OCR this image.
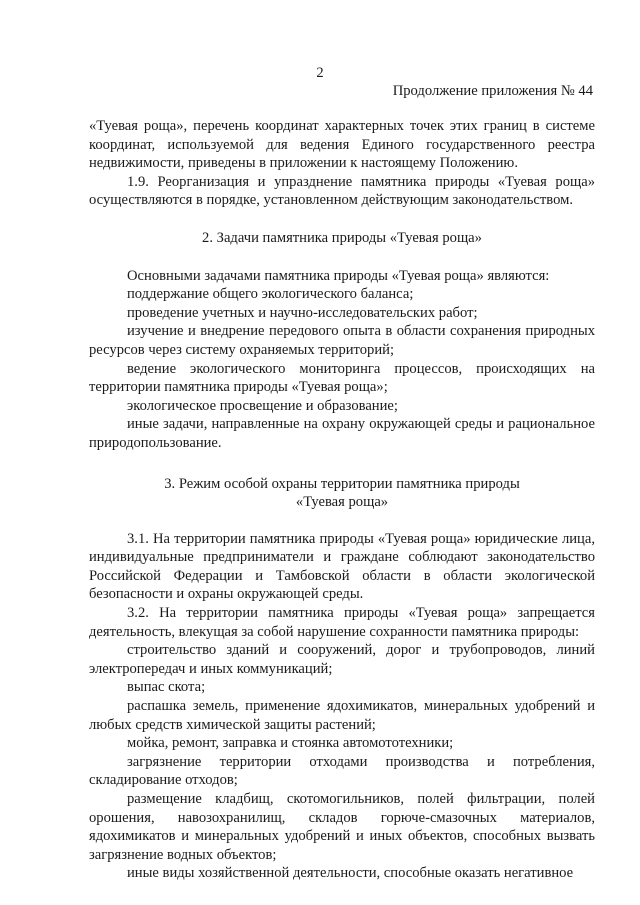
2
Продолжение приложения № 44

«Туевая роща», перечень координат характерных точек этих границ в системе координат, используемой для ведения Единого государственного реестра недвижимости, приведены в приложении к настоящему Положению.

1.9. Реорганизация и упразднение памятника природы «Туевая роща» осуществляются в порядке, установленном действующим законодательством.

2. Задачи памятника природы «Туевая роща»

Основными задачами памятника природы «Туевая роща» являются:

поддержание общего экологического баланса;

проведение учетных и научно-исследовательских работ;

изучение и внедрение передового опыта в области сохранения природных ресурсов через систему охраняемых территорий;

ведение экологического мониторинга процессов, происходящих на территории памятника природы «Туевая роща»;

экологическое просвещение и образование;

иные задачи, направленные на охрану окружающей среды и рациональное природопользование.

3. Режим особой охраны территории памятника природы

«Туевая роща»

3.1. На территории памятника природы «Туевая роща» юридические лица, индивидуальные предприниматели и граждане соблюдают законодательство Российской Федерации и Тамбовской области в области экологической безопасности и охраны окружающей среды.

3.2. На территории памятника природы «Туевая роща» запрещается деятельность, влекущая за собой нарушение сохранности памятника природы:

строительство зданий и сооружений, дорог и трубопроводов, линий электропередач и иных коммуникаций;

выпас скота;

распашка земель, применение ядохимикатов, минеральных удобрений и любых средств химической защиты растений;

мойка, ремонт, заправка и стоянка автомототехники;

загрязнение территории отходами производства и потребления, складирование отходов;

размещение кладбищ, скотомогильников, полей фильтрации, полей орошения, навозохранилищ, складов горюче-смазочных материалов, ядохимикатов и минеральных удобрений и иных объектов, способных вызвать загрязнение водных объектов;

иные виды хозяйственной деятельности, способные оказать негативное
